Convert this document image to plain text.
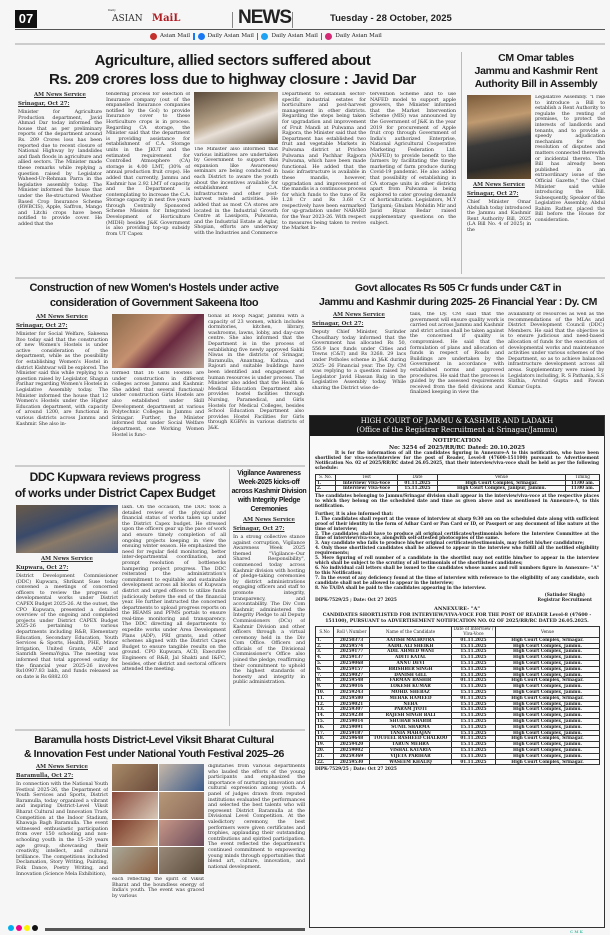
07
Daily
ASIAN MaiL	NEWS	Tuesday - 28 October, 2025
Asian Mail	Daily Asian Mail	Daily Asian Mail	Daily Asian Mail
Agriculture, allied sectors suffered about
Rs. 209 crores loss due to highway closure : Javid Dar
AM News Service
Srinagar, Oct 27:

Minister for Agriculture Production department, Javid Ahmad Dar today informed the house that as per preliminary reports of the department around Rs. 209 Crores loss has been reported due to recent closure of National Highway by landslides and flash floods in agriculture and allied sectors. The Minister made these remarks while replying a question raised by Legislator Waheed-Ur-Rehman Parra in the legislative assembly today. The Minister informed the house that under the Re-structured Weather Based Crop Insurance Scheme (RWBCIS), Apple, Saffron, Mango and Litchi crops have been notified to provide cover. He added that the

tendering process for selection of Insurance company (out of the empanelled Insurance companies notified by the GoI) to provide Insurance cover to these Horticulture crops is in process. Regarding CA storage, the Minister said that the department is providing assistance for establishment of C.A. Storage units in the JKUT and the estimated requirement for Controlled Atmosphere (CA) storage is 4.00 LMT, (30% of annual production fruit crops). He added that currently, Jammu and Kashmir has 2.92 LMT of capacity and the Department is contemplating to increase the C.A. Storage capacity in next five years through Centrally Sponsored Scheme Mission for Integrated Development of Horticulture (MIDH) besides J&K Government is also providing top-up subsidy from UT Capex

The Minister also informed that various initiatives are undertaken by Government to support this expansion like Awareness/ seminars are being conducted in each District to aware the youth about the incentives available for establishment of C.A. infrastructure and other post-harvest related activities. He added that as most CA stores are located in the Industrial Growth Centre at Lassipora, Pulwama, and the Industrial Estate at Aglar, Shopian, efforts are underway with the Industries and Commerce

Department to establish sector-specific industrial estates for horticulture and post-harvest management in other districts. Regarding the steps being taken for upgradation and improvement of Fruit Mandi at Pulwama and Rajpora, the Minister said that the Department has established two fruit and vegetable Markets in Pulwama district at Prichoo Pulwama and Pachhar Rajpora Pulwama, which have been made functional. He added that the basic infrastructure is available in these mandis, however, upgradation and improvement of the mandis is a continuous process for which funds to the tune of Rs 1.28 Cr and Rs 3.68 Cr respectively have been earmarked for up-gradation under NABARD for the Year 2023-26. With respect to measures being taken to revive the Market In-

tervention Scheme and to use NAFED model to support apple growers, the Minister informed that the Market Intervention Scheme (MIS) was announced by the Government of J&K in the year 2019 for procurement of Apple fruit crop through Government of India's authorized Enterprise, National Agricultural Cooperative Marketing Federation Ltd. (NAFED) to provide benefit to the farmers by facilitating the timely marketing of farm produce during Covid-19 pandemic. He also added that possibility of establishing in CA storage units in other districts apart from Pulwama is being explored to cater growing demands of horticulturists. Legislators, M.Y Tarigami; Ghulam Mohidin Mir and Javid Riyaz Bedar raised supplementary questions on the subject.

CM Omar tables
Jammu and Kashmir Rent
Authority Bill in Assembly
AM News Service
Srinagar, Oct 27:

Chief Minister Omar Abdullah today introduced the Jammu and Kashmir Rent Authority Bill, 2025 (LA Bill No. 4 of 2025) in the

Legislative Assembly. "I rise to introduce a Bill to establish a Rent Authority to regulate the renting of premises, to protect the interests of landlords and tenants, and to provide a speedy adjudication mechanism for the resolution of disputes and matters connected therewith or incidental thereto. The Bill has already been published in an extraordinary issue of the Official Gazette," the Chief Minister said while introducing the Bill. Subsequently, Speaker of the Legislative Assembly, Abdul Rahim Rather, placed the Bill before the House for consideration.

Construction of new Women's Hostels under active
consideration of Government Sakeena Itoo
AM News Service
Srinagar, Oct 27:

Minister for Social Welfare, Sakeena Itoo today said that the construction of new Women's Hostels is under active consideration of the department, while as the possibility for establishing Women's Hostel in district Kishtwar will be explored. The Minister said this while replying to a question raised by Legislator, Shagun Parihar regarding Women's Hostels in Legislative Assembly today. The Minister informed the house that 12 Women's Hostels under the Higher Education department, with capacity of around 1200, are functional in various districts across Jammu and Kashmir. She also in-

formed that 16 Girls Hostels are under construction in different colleges across Jammu and Kashmir. She added that several functional/ under construction Girls Hostels are also established under Skill Development department at various Polytechnic Colleges in Jammu and Srinagar. Further, the Minister informed that under Social Welfare department, one Working Women Hostel is func-

tional at Roop Nagar, Jammu with a capacity of 23 women, which includes dormitories, kitchen, library, washrooms, lawns, lobby, and day-care centre. She also informed that the Department is in the process of establishing five newly approved Sakhi Niwas in the districts of Srinagar, Baramulla, Anantnag, Kathua, and Rajouri and suitable buildings have been identified and engagement of human resources is under process. The Minister also added that the Health & Medical Education Department also provides hostel facilities through Nursing, Paramedical, and Girls Hostels for Medical Colleges, besides School Education Department also provides Hostel Facilities for Girls through KGBVs in various districts of J&K.

Govt allocates Rs 505 Cr funds under C&T in
Jammu and Kashmir during 2025- 26 Financial Year : Dy. CM
AM News Service
Srinagar, Oct 27:

Deputy Chief Minister, Surinder Choudhary today informed that the Government has allocated Rs 50, 556.9 lacs funds under Cities and Towns (C&T) and Rs 3268. 29 lacs under Potholes scheme in J&K during 2025- 26 Financial year. The Dy. CM was replying to a question raised by Legislator Javid Hassan Baig in the Legislative Assembly today. While sharing the District wise de-

tails, the Dy. CM said that the government will ensure quality work is carried out across Jammu and Kashmir and strict action shall be taken against the concerned if quality is compromised. He said that the formulation of plans and allocation of funds in respect of Roads and Buildings are undertaken by the Government in accordance with established norms and approved procedures. He said that the process is guided by the assessed requirements received from the field divisions and finalized keeping in view the

availability of resources as well as the recommendations of the MLAs and District Development Council (DDC) Members. He said that the objective is to ensure judicious and need-based allocation of funds for the execution of developmental works and maintenance activities under various schemes of the Department, so as to achieve balanced infrastructure development across all areas. Supplementary were raised by Legislators including, R. S Pathania, S.S Slathia, Arvind Gupta and Pawan Kumar Gupta.

HIGH COURT OF JAMMU & KASHMIR AND LADAKH
(Office of the Registrar Recruitment at Srinagar/Jammu)
NOTIFICATION
No: 3254 of 2025/RR/RC Dated: 20.10.2025

It is for the information of all the candidates figuring in Annexure-A to this notification, who have been shortlisted for viva-voce/interview for the post of Reader, Level-8 (47600-151100) pursuant to Advertisement Notification No. 02 of 2025/RR/RC dated 26.05.2025, that their interview/viva-voce shall be held as per the following schedule:

S. No.	Test	Date	Venue	Timing
1.	Interview/ Viva-Voce	01.11.2025	High Court Complex, Srinagar.	11:00 am.
2.	Interview/ Viva-Voce	15.11.2025	High Court Complex, Janipur, Jammu.	11:00 am.

The candidates belonging to Jammu/Srinagar division shall appear in the interview/viva-voce at the respective places to which they belong on the scheduled date and time as given above and as mentioned in Annexure-A, to this notification.

Further, it is also informed that:

1. The candidates shall report at the venue of interview at sharp 9:30 am on the scheduled date along with sufficient proof of their identity in the form of Adhar Card or Pan Card or ID, or Passport or any document of like nature at the time of interview;

2. The candidates shall have to produce all original certificates/testimonials before the Interview Committee at the time of interview/viva-voce, alongwith self-attested photocopies of the same.

3. Any candidate who fails to produce his/her original certificates/testimonials, may forfeit his/her candidature;

4. Only those shortlisted candidates shall be allowed to appear in the interview who fulfill all the notified eligibility requirements;

5. Mere figuring of roll number of a candidate in the shortlist may not entitle him/her to appear in the interview which shall be subject to the scrutiny of all testimonials of the shortlisted candidates;

6. No individual call letters shall be issued to the candidates whose names and roll numbers figure in Annexure- "A" to this Notification;

7. In the event of any deficiency found at the time of interview with reference to the eligibility of any candidate, such candidate shall not be allowed to appear in the interview;

8. No TA/DA shall be paid to the candidates appearing in the interview.

DIPK-7529/25 ; Date: Oct 27 2025
(Satinder Singh)
Registrar Recruitment
ANNEXURE- "A"
CANDIDATES SHORTLISTED FOR INTERVIEW/VIVA-VOCE FOR THE POST OF READER Level-8 (47600 - 151100), PURSUANT to ADVERTISEMENT NOTIFICATION NO. 02 OF 2025/RR/RC DATED 26.05.2025.
S.No	Roll \ Number	Name of the Candidate	Date of Interview / Viva-Voce	Venue
1.	20250373	AATISH MALHOTRA	01.11.2025	High Court Complex, Srinagar.
2.	20259574	AADIL ALI SHEIKH	15.11.2025	High Court Complex, Jammu.
3.	20259177	ADIL AHMED WANI	15.11.2025	High Court Complex, Jammu.
4.	20259137	ADITI KATAL	15.11.2025	High Court Complex, Jammu.
5.	20259068	ANNU DEVI	15.11.2025	High Court Complex, Jammu.
6.	20259157	BRISHBER SINGH	15.11.2025	High Court Complex, Jammu.
7.	20259027	DANISH GILL	15.11.2025	High Court Complex, Jammu.
8.	20259548	FARMAN BASHIR	01.11.2025	High Court Complex, Srinagar.
9.	20259016	LOKESH KUMAR	15.11.2025	High Court Complex, Jammu.
10.	20259243	MOHD. SHEBAZ	15.11.2025	High Court Complex, Jammu.
11.	20259580	MEHAK HAMEED	01.11.2025	High Court Complex, Srinagar.
12.	20259021	NEHA	15.11.2025	High Court Complex, Jammu.
13.	20259307	PARAM JYOTI	15.11.2025	High Court Complex, Jammu.
14.	20259238	RAJESH SINGH BALI	15.11.2025	High Court Complex, Jammu.
15.	20259014	SHUHAB SHABIR	15.11.2025	High Court Complex, Jammu.
16.	20259091	SUNIL SHARMA	15.11.2025	High Court Complex, Jammu.
17.	20259187	TANIA MAHAJAN	15.11.2025	High Court Complex, Jammu.
18.	20259648	TOUFEEL RASHEED CHALKOO	01.11.2025	High Court Complex, Srinagar.
19.	20259420	TARUN MEHRA	15.11.2025	High Court Complex, Jammu.
20.	20259002	VISHAL KATARIA	15.11.2025	High Court Complex, Jammu.
21.	20259369	VIJETA PARIHAR	15.11.2025	High Court Complex, Jammu.
22.	20259530	WASEEM KHALIQ	01.11.2025	High Court Complex, Srinagar.
DIPK-7529/25 ; Date: Oct 27 2025
DDC Kupwara reviews progress
of works under District Capex Budget
AM News Service
Kupwara, Oct 27:

District Development Commissioner (DDC) Kupwara, Shrikant Suse today convened a meetings of concerned officers to review the progress of developmental works under District CAPEX Budget 2025-26. At the outset, the CPO Kupwara, presented a detailed overview of the ongoing and completed projects under District CAPEX Budget 2025-26 pertaining to various departments including R&B, Elementary Education, Secondary Education, Youth Services & Sports, Health, PHE, Minor Irrigation, United Grants, ADF and Samridh SeemaYojna. The meeting was informed that total approved outlay for the financial year 2025-26 involves Rs10907.83 lakh, and funds released as on date is Rs 6882.03

lakh. On the occasion, the DDC took a detailed review of the physical and financial status of works taken up under the District Capex budget. He stressed upon the officers gear up the pace of work and ensure timely completion of all ongoing projects keeping in view the ensuing winter season. He emphasized the need for regular field monitoring, better inter-departmental coordination, and prompt resolution of bottlenecks hampering project progress. The DDC reiterated the administration's commitment to equitable and sustainable development across all blocks of Kupwara district and urged officers to utilize funds judiciously before the end of the financial year. He further instructed the concerned departments to upload progress reports on the BEAMS and PFMS portals to ensure real-time monitoring and transparency. The DDC directing all departments to expedite works under Area Development Plans (ADP), PRI grants, and other schemes aligned with the District Capex Budget to ensure tangible results on the ground. CPO Kupwara, ACD, Executive Engineers of R&B, Jal Shakti and I&FC, besides, other district and sectoral officers attended the meeting.

Vigilance Awareness
Week-2025 kicks-off
across Kashmir Division
with Integrity Pledge
Ceremonies
AM News Service
Srinagar, Oct 27:

In a strong collective stance against corruption, Vigilance Awareness Week 2025 themed "Vigilance–Our Shared Responsibility", commenced today across Kashmir division with hosting of pledge-taking ceremonies by district administrations engaging officers and staff to promote integrity, transparency, and accountability. The Div Com Kashmir, administered the Integrity Pledge to all Deputy Commissioners (DCs) of Kashmir Division and other officers through a virtual ceremony held in the Div Com Office. Officers and officials of the Divisional Commissioner's Office also joined the pledge, reaffirming their commitment to uphold the highest standards of honesty and integrity in public administration.

Baramulla hosts District-Level Viksit Bharat Cultural
& Innovation Fest under National Youth Festival 2025–26
AM News Service
Baramulla, Oct 27:

In connection with the National Youth Festival 2025-26, the Department of Youth Services and Sports, District Baramulla, today organized a vibrant and inspiring District-Level Viksit Bharat Cultural and Innovation Track Competition at the Indoor Stadium, Khawaja Bagh Baramulla. The event witnessed enthusiastic participation from over 150 schooling and non-schooling youth in the 15–29 years age group, showcasing their creativity, intellect, and cultural brilliance. The competitions included Declamation, Story Writing, Painting, Folk Dance, Poetry Writing, and Innovation (Science Mela Exhibition),

each reflecting the spirit of Viksit Bharat and the boundless energy of India's youth. The event was graced by various

dignitaries from various departments who lauded the efforts of the young participants and emphasized the importance of nurturing innovation and cultural expression among youth. A panel of judges drawn from reputed institutions evaluated the performances and selected the best talents who will represent District Baramulla at the Divisional Level Competition. At the valedictory ceremony, the best performers were given certificates and trophies, applauding their outstanding contributions and spirited participation. The event reflected the department's continued commitment to empowering young minds through opportunities that blend art, culture, innovation, and national development.

C M K
